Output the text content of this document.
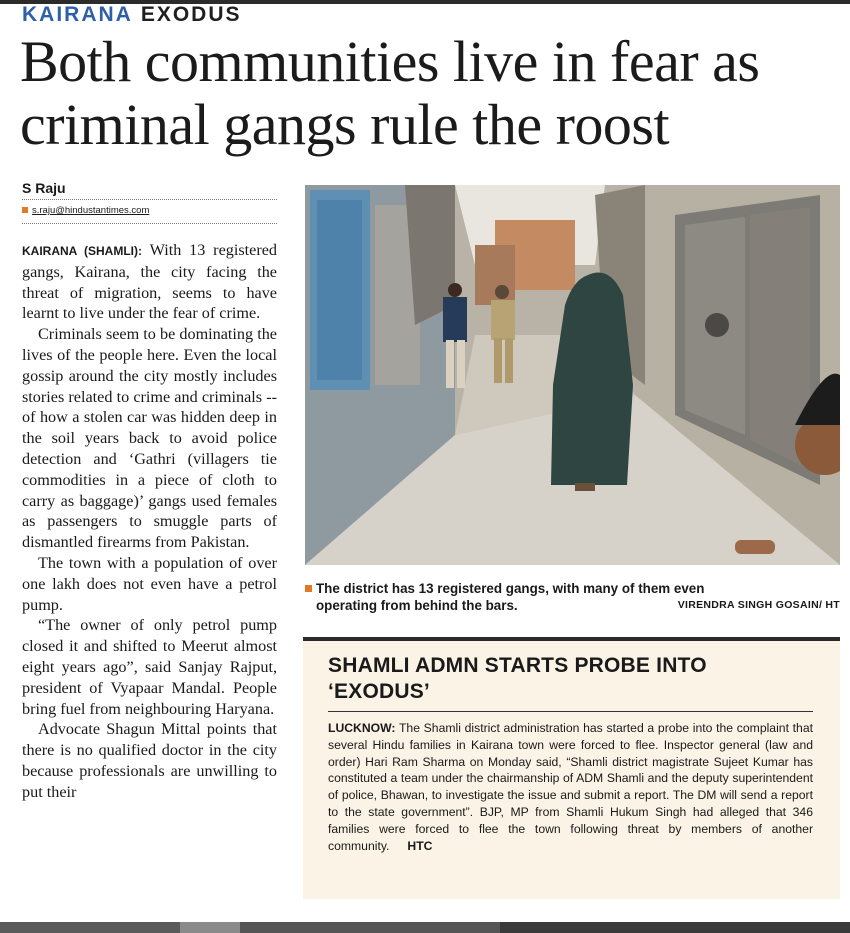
KAIRANA EXODUS
Both communities live in fear as
criminal gangs rule the roost
S Raju
s.raju@hindustantimes.com

KAIRANA (SHAMLI): With 13 registered gangs, Kairana, the city facing the threat of migration, seems to have learnt to live under the fear of crime.

Criminals seem to be dominating the lives of the people here. Even the local gossip around the city mostly includes stories related to crime and criminals -- of how a stolen car was hidden deep in the soil years back to avoid police detection and ‘Gathri (villagers tie commodities in a piece of cloth to carry as baggage)’ gangs used females as passengers to smuggle parts of dismantled firearms from Pakistan.

The town with a population of over one lakh does not even have a petrol pump.

“The owner of only petrol pump closed it and shifted to Meerut almost eight years ago”, said Sanjay Rajput, president of Vyapaar Mandal. People bring fuel from neighbouring Haryana.

Advocate Shagun Mittal points that there is no qualified doctor in the city because professionals are unwilling to put their

The district has 13 registered gangs, with many of them even
operating from behind the bars.	VIRENDRA SINGH GOSAIN/ HT
SHAMLI ADMN STARTS PROBE INTO ‘EXODUS’
LUCKNOW: The Shamli district administration has started a probe into the complaint that several Hindu families in Kairana town were forced to flee. Inspector general (law and order) Hari Ram Sharma on Monday said, “Shamli district magistrate Sujeet Kumar has constituted a team under the chairmanship of ADM Shamli and the deputy superintendent of police, Bhawan, to investigate the issue and submit a report. The DM will send a report to the state government”. BJP, MP from Shamli Hukum Singh had alleged that 346 families were forced to flee the town following threat by members of another community. HTC
